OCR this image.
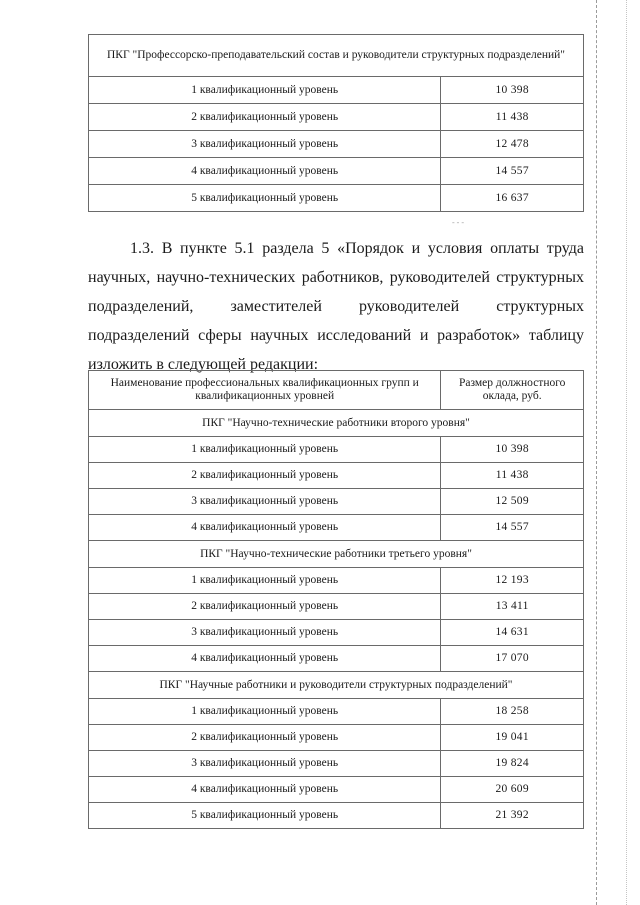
ПКГ "Профессорско-преподавательский состав и руководители структурных подразделений"	
1 квалификационный уровень	10 398
2 квалификационный уровень	11 438
3 квалификационный уровень	12 478
4 квалификационный уровень	14 557
5 квалификационный уровень	16 637
- - -

1.3. В пункте 5.1 раздела 5 «Порядок и условия оплаты труда научных, научно-технических работников, руководителей структурных подразделений, заместителей руководителей структурных подразделений сферы научных исследований и разработок» таблицу изложить в следующей редакции:

Наименование профессиональных квалификационных групп и квалификационных уровней	Размер должностного оклада, руб.
ПКГ "Научно-технические работники второго уровня"	
1 квалификационный уровень	10 398
2 квалификационный уровень	11 438
3 квалификационный уровень	12 509
4 квалификационный уровень	14 557
ПКГ "Научно-технические работники третьего уровня"	
1 квалификационный уровень	12 193
2 квалификационный уровень	13 411
3 квалификационный уровень	14 631
4 квалификационный уровень	17 070
ПКГ "Научные работники и руководители структурных подразделений"	
1 квалификационный уровень	18 258
2 квалификационный уровень	19 041
3 квалификационный уровень	19 824
4 квалификационный уровень	20 609
5 квалификационный уровень	21 392
